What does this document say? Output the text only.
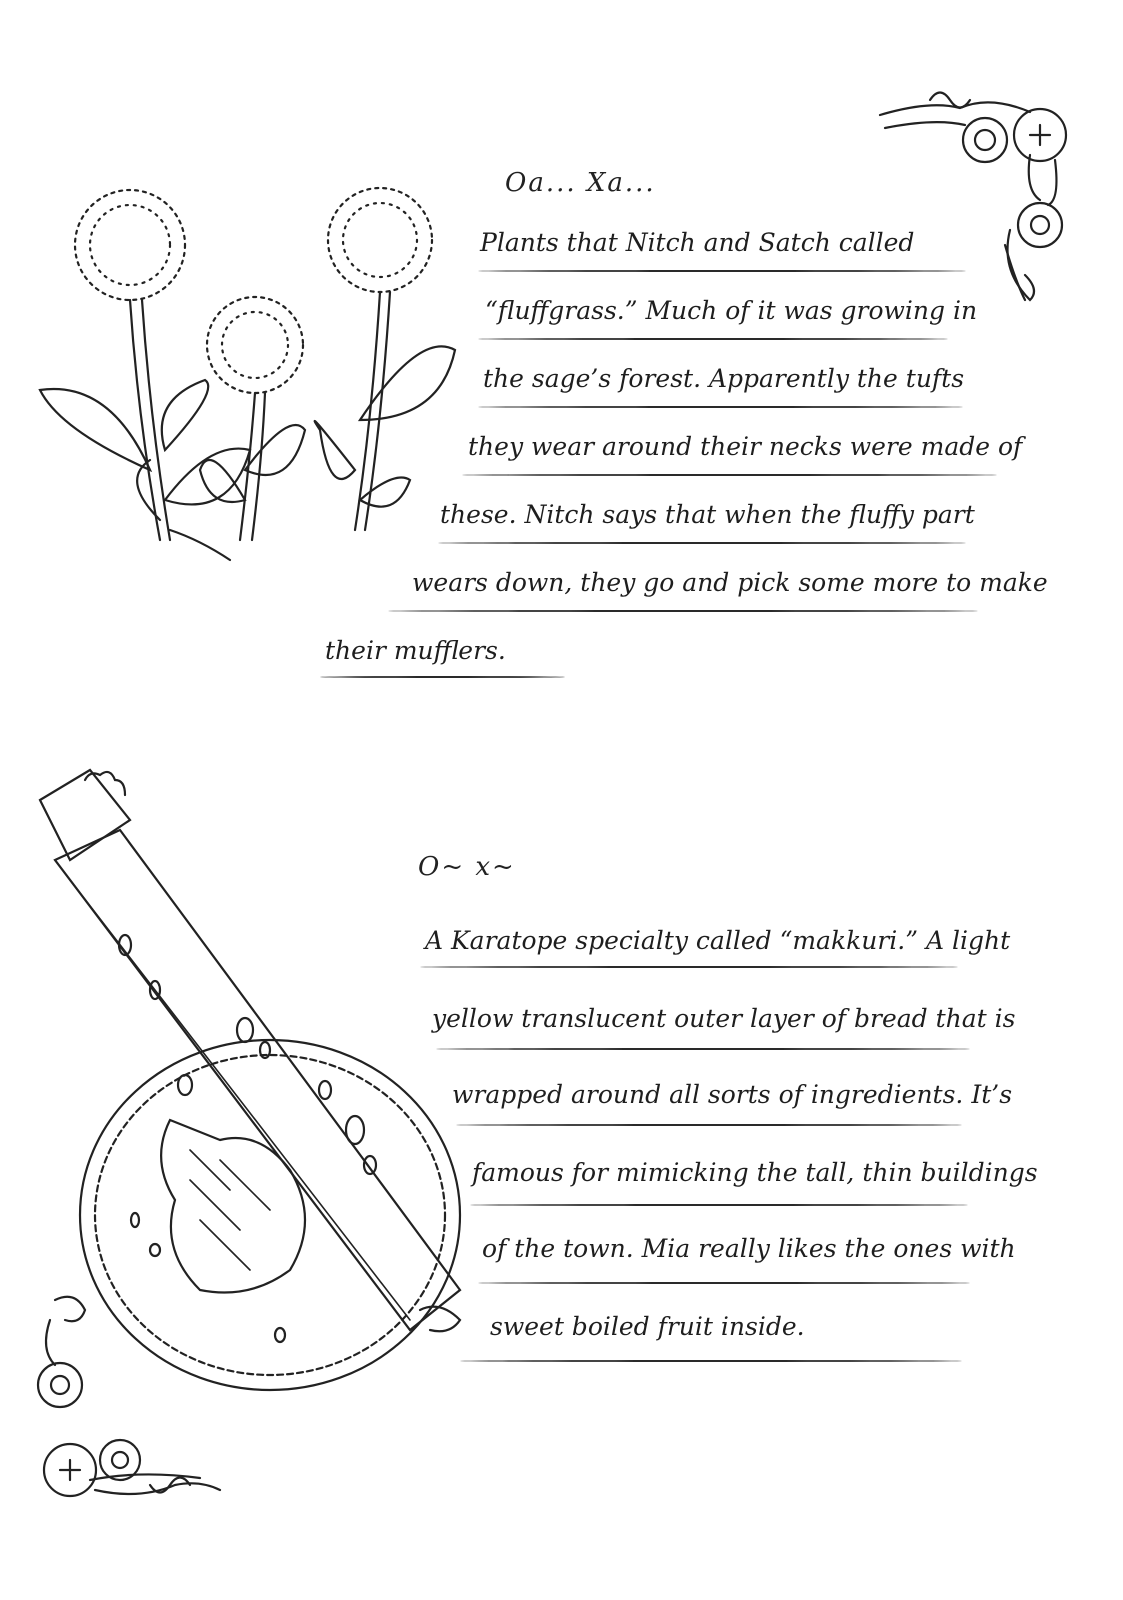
Oa... Xa...
Plants that Nitch and Satch called
“fluffgrass.” Much of it was growing in
the sage’s forest. Apparently the tufts
they wear around their necks were made of
these. Nitch says that when the fluffy part
wears down, they go and pick some more to make
their mufflers.
O~ x~
A Karatope specialty called “makkuri.” A light
yellow translucent outer layer of bread that is
wrapped around all sorts of ingredients. It’s
famous for mimicking the tall, thin buildings
of the town. Mia really likes the ones with
sweet boiled fruit inside.
